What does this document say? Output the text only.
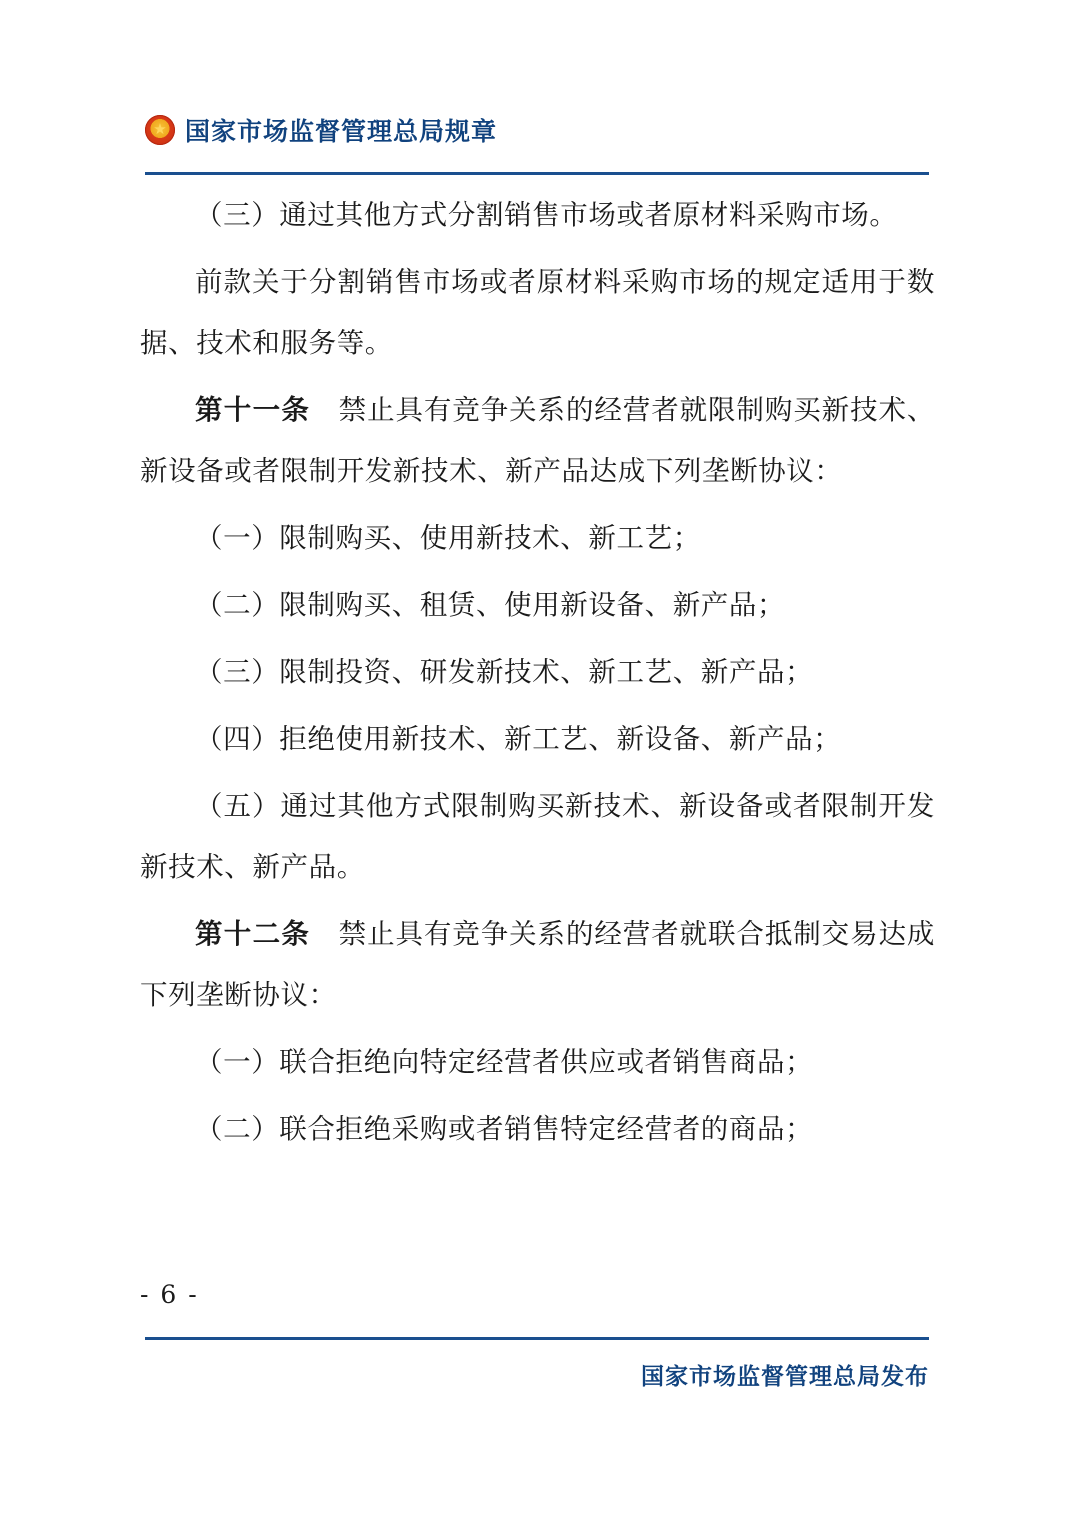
★
国家市场监督管理总局规章

（三）通过其他方式分割销售市场或者原材料采购市场。

前款关于分割销售市场或者原材料采购市场的规定适用于数据、技术和服务等。

第十一条　禁止具有竞争关系的经营者就限制购买新技术、新设备或者限制开发新技术、新产品达成下列垄断协议：

（一）限制购买、使用新技术、新工艺；

（二）限制购买、租赁、使用新设备、新产品；

（三）限制投资、研发新技术、新工艺、新产品；

（四）拒绝使用新技术、新工艺、新设备、新产品；

（五）通过其他方式限制购买新技术、新设备或者限制开发新技术、新产品。

第十二条　禁止具有竞争关系的经营者就联合抵制交易达成下列垄断协议：

（一）联合拒绝向特定经营者供应或者销售商品；

（二）联合拒绝采购或者销售特定经营者的商品；

- 6 -
国家市场监督管理总局发布
